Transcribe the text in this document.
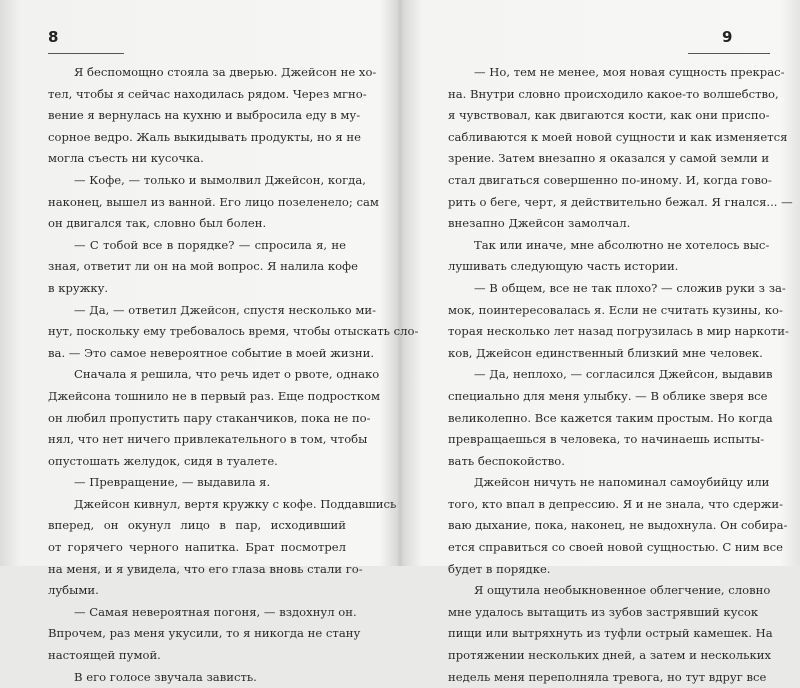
8
Я беспомощно стояла за дверью. Джейсон не хо-
тел, чтобы я сейчас находилась рядом. Через мгно-
вение я вернулась на кухню и выбросила еду в му-
сорное ведро. Жаль выкидывать продукты, но я не
могла съесть ни кусочка.
— Кофе, — только и вымолвил Джейсон, когда,
наконец, вышел из ванной. Его лицо позеленело; сам
он двигался так, словно был болен.
— С тобой все в порядке? — спросила я, не
зная, ответит ли он на мой вопрос. Я налила кофе
в кружку.
— Да, — ответил Джейсон, спустя несколько ми-
нут, поскольку ему требовалось время, чтобы отыскать сло-
ва. — Это самое невероятное событие в моей жизни.
Сначала я решила, что речь идет о рвоте, однако
Джейсона тошнило не в первый раз. Еще подростком
он любил пропустить пару стаканчиков, пока не по-
нял, что нет ничего привлекательного в том, чтобы
опустошать желудок, сидя в туалете.
— Превращение, — выдавила я.
Джейсон кивнул, вертя кружку с кофе. Поддавшись
вперед, он окунул лицо в пар, исходивший
от горячего черного напитка. Брат посмотрел
на меня, и я увидела, что его глаза вновь стали го-
лубыми.
— Самая невероятная погоня, — вздохнул он.
Впрочем, раз меня укусили, то я никогда не стану
настоящей пумой.
В его голосе звучала зависть.
9
— Но, тем не менее, моя новая сущность прекрас-
на. Внутри словно происходило какое-то волшебство,
я чувствовал, как двигаются кости, как они приспо-
сабливаются к моей новой сущности и как изменяется
зрение. Затем внезапно я оказался у самой земли и
стал двигаться совершенно по-иному. И, когда гово-
рить о беге, черт, я действительно бежал. Я гнался... —
внезапно Джейсон замолчал.
Так или иначе, мне абсолютно не хотелось выс-
лушивать следующую часть истории.
— В общем, все не так плохо? — сложив руки з за-
мок, поинтересовалась я. Если не считать кузины, ко-
торая несколько лет назад погрузилась в мир наркоти-
ков, Джейсон единственный близкий мне человек.
— Да, неплохо, — согласился Джейсон, выдавив
специально для меня улыбку. — В облике зверя все
великолепно. Все кажется таким простым. Но когда
превращаешься в человека, то начинаешь испыты-
вать беспокойство.
Джейсон ничуть не напоминал самоубийцу или
того, кто впал в депрессию. Я и не знала, что сдержи-
ваю дыхание, пока, наконец, не выдохнула. Он собира-
ется справиться со своей новой сущностью. С ним все
будет в порядке.
Я ощутила необыкновенное облегчение, словно
мне удалось вытащить из зубов застрявший кусок
пищи или вытряхнуть из туфли острый камешек. На
протяжении нескольких дней, а затем и нескольких
недель меня переполняла тревога, но тут вдруг все
